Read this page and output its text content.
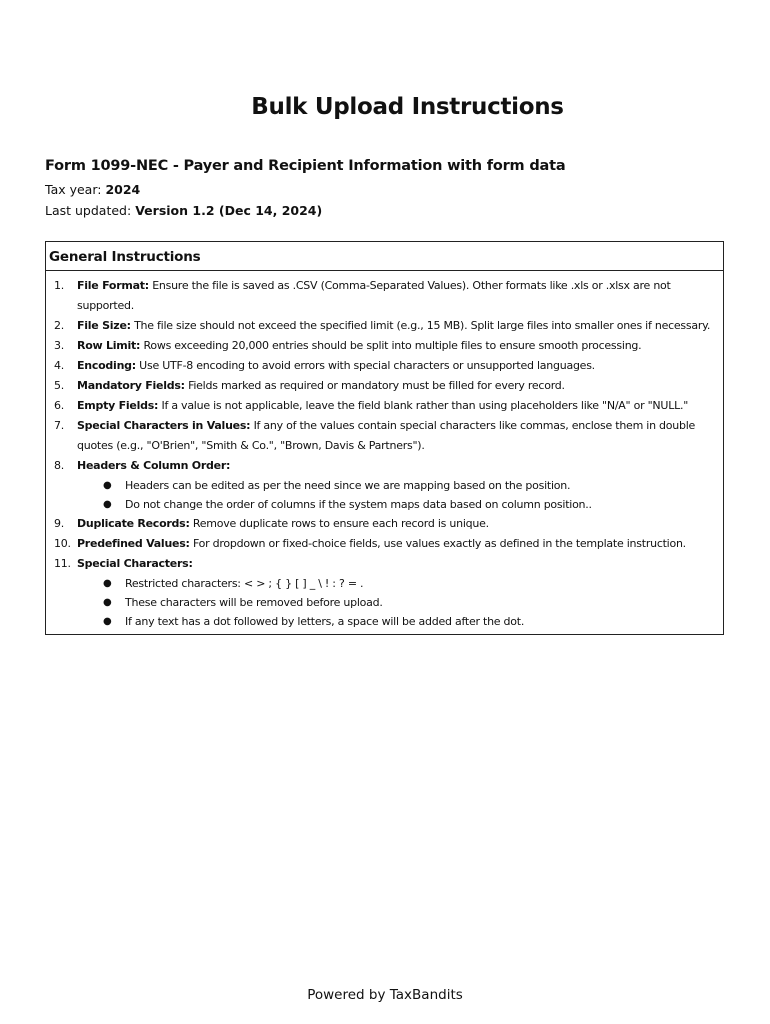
Bulk Upload Instructions
Form 1099-NEC - Payer and Recipient Information with form data

Tax year: 2024

Last updated: Version 1.2 (Dec 14, 2024)

General Instructions
1. File Format: Ensure the file is saved as .CSV (Comma-Separated Values). Other formats like .xls or .xlsx are not supported.
2. File Size: The file size should not exceed the specified limit (e.g., 15 MB). Split large files into smaller ones if necessary.
3. Row Limit: Rows exceeding 20,000 entries should be split into multiple files to ensure smooth processing.
4. Encoding: Use UTF-8 encoding to avoid errors with special characters or unsupported languages.
5. Mandatory Fields: Fields marked as required or mandatory must be filled for every record.
6. Empty Fields: If a value is not applicable, leave the field blank rather than using placeholders like "N/A" or "NULL."
7. Special Characters in Values: If any of the values contain special characters like commas, enclose them in double quotes (e.g., "O'Brien", "Smith & Co.", "Brown, Davis & Partners").
8. Headers & Column Order:
● Headers can be edited as per the need since we are mapping based on the position.
● Do not change the order of columns if the system maps data based on column position..
9. Duplicate Records: Remove duplicate rows to ensure each record is unique.
10. Predefined Values: For dropdown or fixed-choice fields, use values exactly as defined in the template instruction.
11. Special Characters:
● Restricted characters: < > ; { } [ ] _ \ ! : ? = .
● These characters will be removed before upload.
● If any text has a dot followed by letters, a space will be added after the dot.

Powered by TaxBandits
